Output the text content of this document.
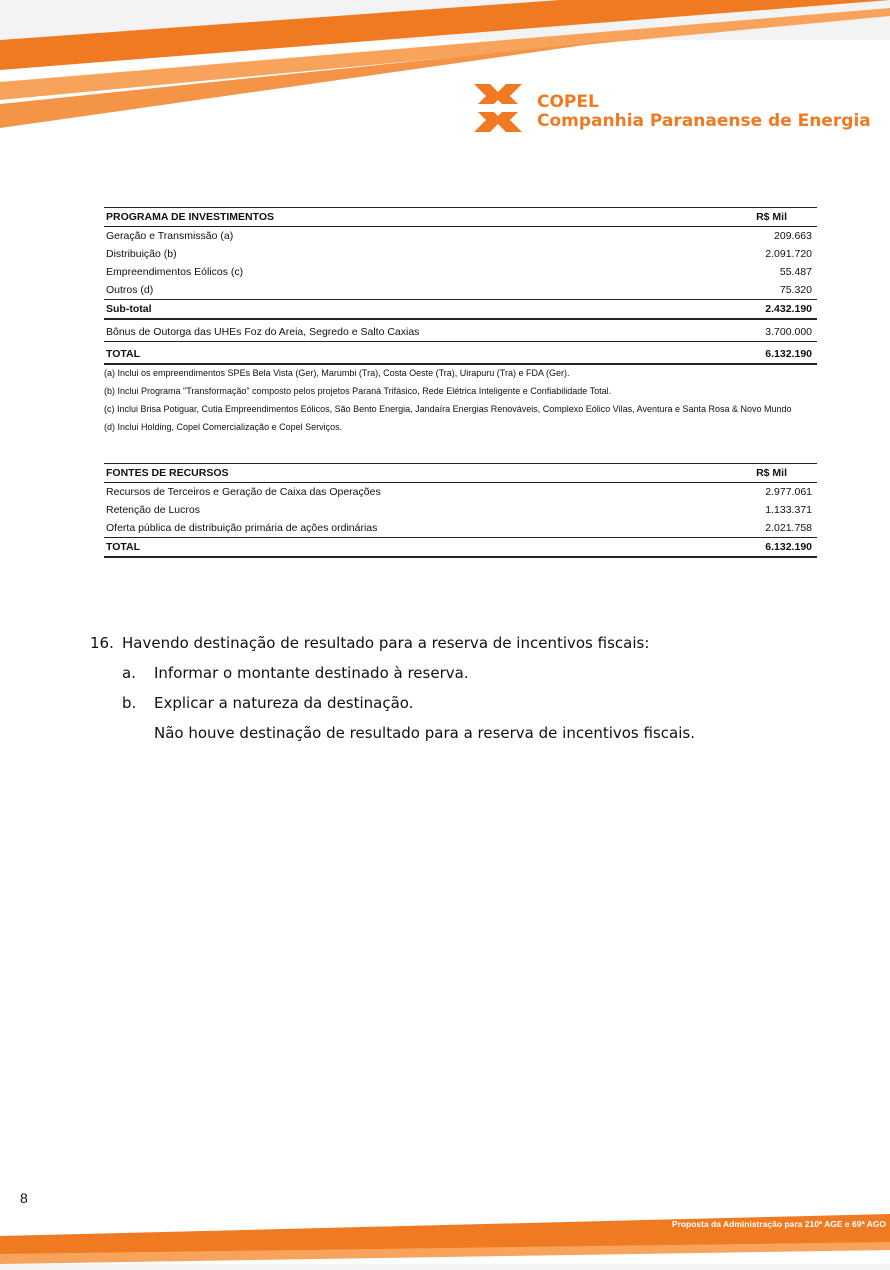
COPEL
Companhia Paranaense de Energia
PROGRAMA DE INVESTIMENTOS	R$ Mil
Geração e Transmissão (a)	209.663
Distribuição (b)	2.091.720
Empreendimentos Eólicos (c)	55.487
Outros (d)	75.320
Sub-total	2.432.190
Bônus de Outorga das UHEs Foz do Areia, Segredo e Salto Caxias	3.700.000
TOTAL	6.132.190
(a) Inclui os empreendimentos SPEs Bela Vista (Ger), Marumbi (Tra), Costa Oeste (Tra), Uirapuru (Tra) e FDA (Ger).
(b) Inclui Programa "Transformação" composto pelos projetos Paraná Trifásico, Rede Elétrica Inteligente e Confiabilidade Total.
(c) Inclui Brisa Potiguar, Cutia Empreendimentos Eólicos, São Bento Energia, Jandaíra Energias Renováveis, Complexo Eólico Vilas, Aventura e Santa Rosa & Novo Mundo
(d) Inclui Holding, Copel Comercialização e Copel Serviços.
FONTES DE RECURSOS	R$ Mil
Recursos de Terceiros e Geração de Caixa das Operações	2.977.061
Retenção de Lucros	1.133.371
Oferta pública de distribuição primária de ações ordinárias	2.021.758
TOTAL	6.132.190
16. Havendo destinação de resultado para a reserva de incentivos fiscais:
a. Informar o montante destinado à reserva.
b. Explicar a natureza da destinação.
Não houve destinação de resultado para a reserva de incentivos fiscais.
8
Proposta da Administração para 210ª AGE e 69ª AGO
